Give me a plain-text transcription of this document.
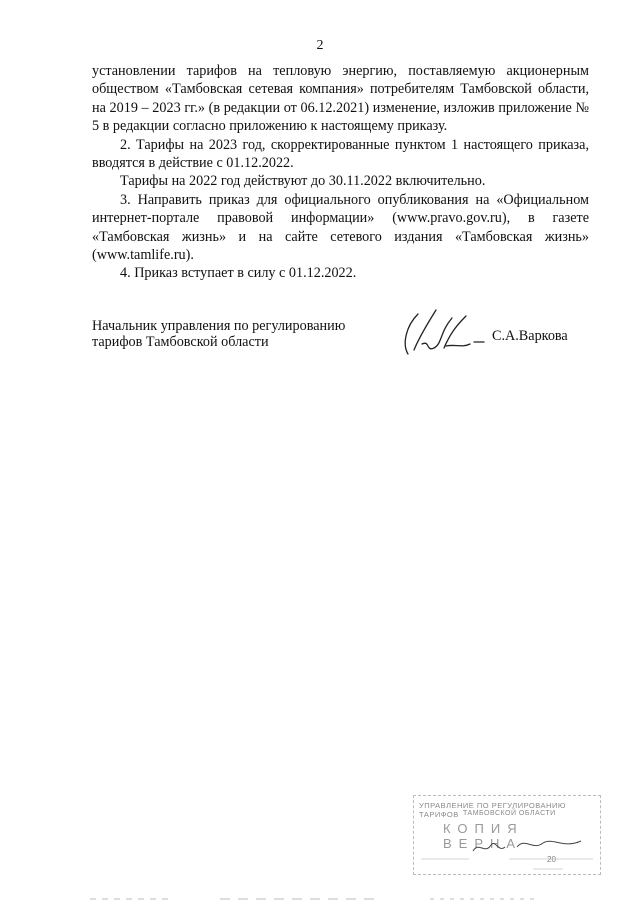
2

установлении тарифов на тепловую энергию, поставляемую акционерным обществом «Тамбовская сетевая компания» потребителям Тамбовской области, на 2019 – 2023 гг.» (в редакции от 06.12.2021) изменение, изложив приложение № 5 в редакции согласно приложению к настоящему приказу.

2. Тарифы на 2023 год, скорректированные пунктом 1 настоящего приказа, вводятся в действие с 01.12.2022.

Тарифы на 2022 год действуют до 30.11.2022 включительно.

3. Направить приказ для официального опубликования на «Официальном интернет-портале правовой информации» (www.pravo.gov.ru), в газете «Тамбовская жизнь» и на сайте сетевого издания «Тамбовская жизнь» (www.tamlife.ru).

4. Приказ вступает в силу с 01.12.2022.

Начальник управления по регулированию
тарифов Тамбовской области	С.А.Варкова
УПРАВЛЕНИЕ ПО РЕГУЛИРОВАНИЮ ТАРИФОВ ТАМБОВСКОЙ ОБЛАСТИ
КОПИЯ ВЕРНА
20
